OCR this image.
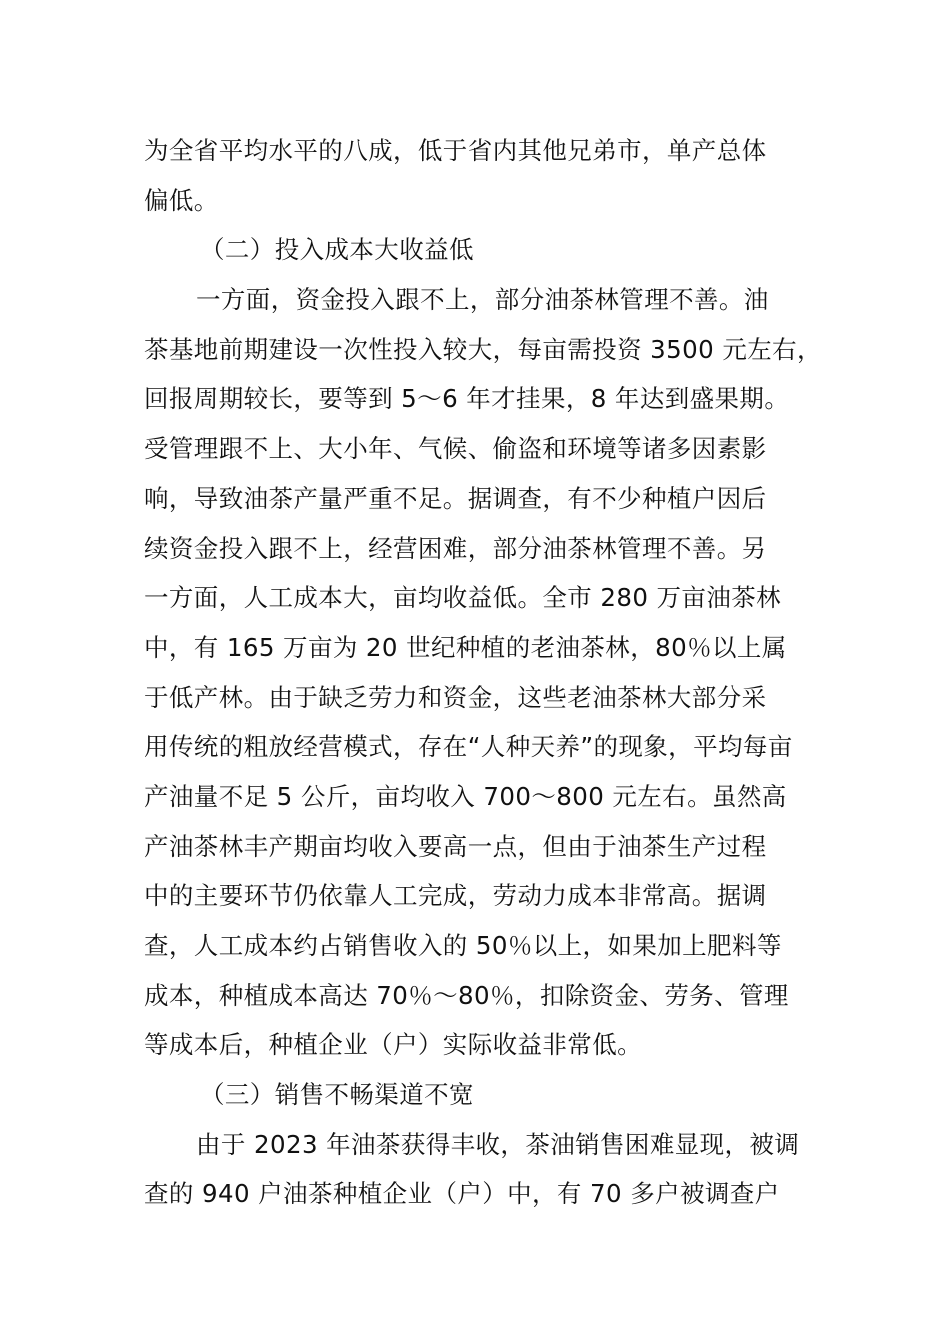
为全省平均水平的八成，低于省内其他兄弟市，单产总体
偏低。
（二）投入成本大收益低
一方面，资金投入跟不上，部分油茶林管理不善。油
茶基地前期建设一次性投入较大，每亩需投资 3500 元左右，
回报周期较长，要等到 5～6 年才挂果，8 年达到盛果期。
受管理跟不上、大小年、气候、偷盗和环境等诸多因素影
响，导致油茶产量严重不足。据调查，有不少种植户因后
续资金投入跟不上，经营困难，部分油茶林管理不善。另
一方面，人工成本大，亩均收益低。全市 280 万亩油茶林
中，有 165 万亩为 20 世纪种植的老油茶林，80％以上属
于低产林。由于缺乏劳力和资金，这些老油茶林大部分采
用传统的粗放经营模式，存在“人种天养”的现象，平均每亩
产油量不足 5 公斤，亩均收入 700～800 元左右。虽然高
产油茶林丰产期亩均收入要高一点，但由于油茶生产过程
中的主要环节仍依靠人工完成，劳动力成本非常高。据调
查，人工成本约占销售收入的 50％以上，如果加上肥料等
成本，种植成本高达 70％～80％，扣除资金、劳务、管理
等成本后，种植企业（户）实际收益非常低。
（三）销售不畅渠道不宽
由于 2023 年油茶获得丰收，茶油销售困难显现，被调
查的 940 户油茶种植企业（户）中，有 70 多户被调查户
